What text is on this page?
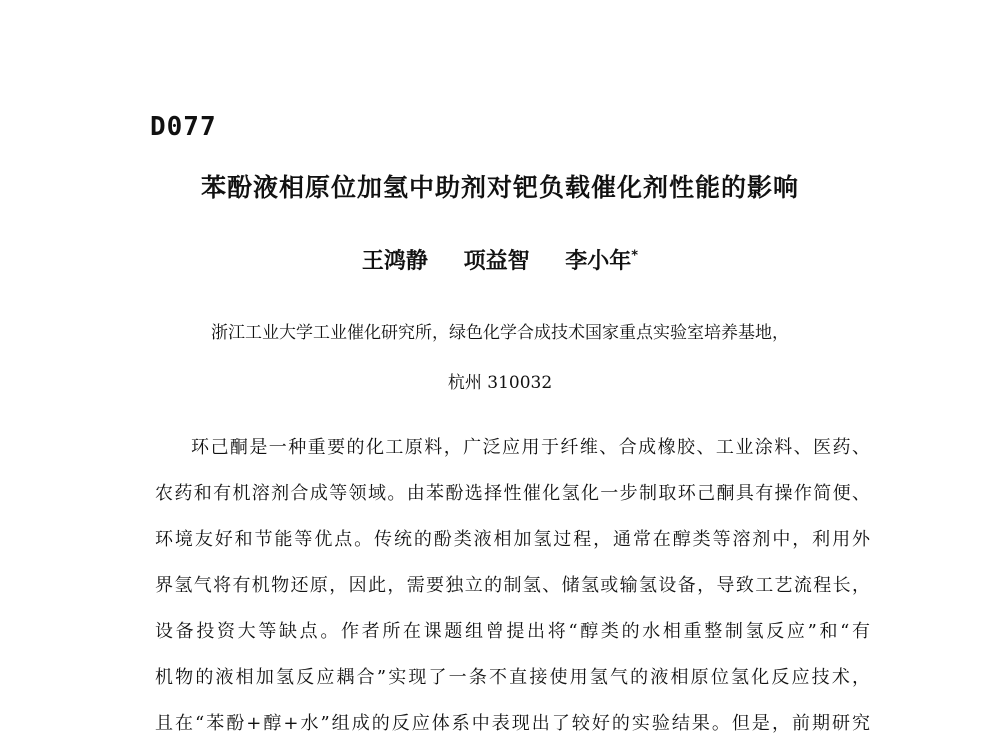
D077

苯酚液相原位加氢中助剂对钯负载催化剂性能的影响

王鸿静 项益智 李小年*

浙江工业大学工业催化研究所，绿色化学合成技术国家重点实验室培养基地，

杭州 310032

环己酮是一种重要的化工原料，广泛应用于纤维、合成橡胶、工业涂料、医药、
农药和有机溶剂合成等领域。由苯酚选择性催化氢化一步制取环己酮具有操作简便、
环境友好和节能等优点。传统的酚类液相加氢过程，通常在醇类等溶剂中，利用外
界氢气将有机物还原，因此，需要独立的制氢、储氢或输氢设备，导致工艺流程长，
设备投资大等缺点。作者所在课题组曾提出将“醇类的水相重整制氢反应”和“有
机物的液相加氢反应耦合”实现了一条不直接使用氢气的液相原位氢化反应技术，
且在“苯酚+醇+水”组成的反应体系中表现出了较好的实验结果。但是，前期研究
